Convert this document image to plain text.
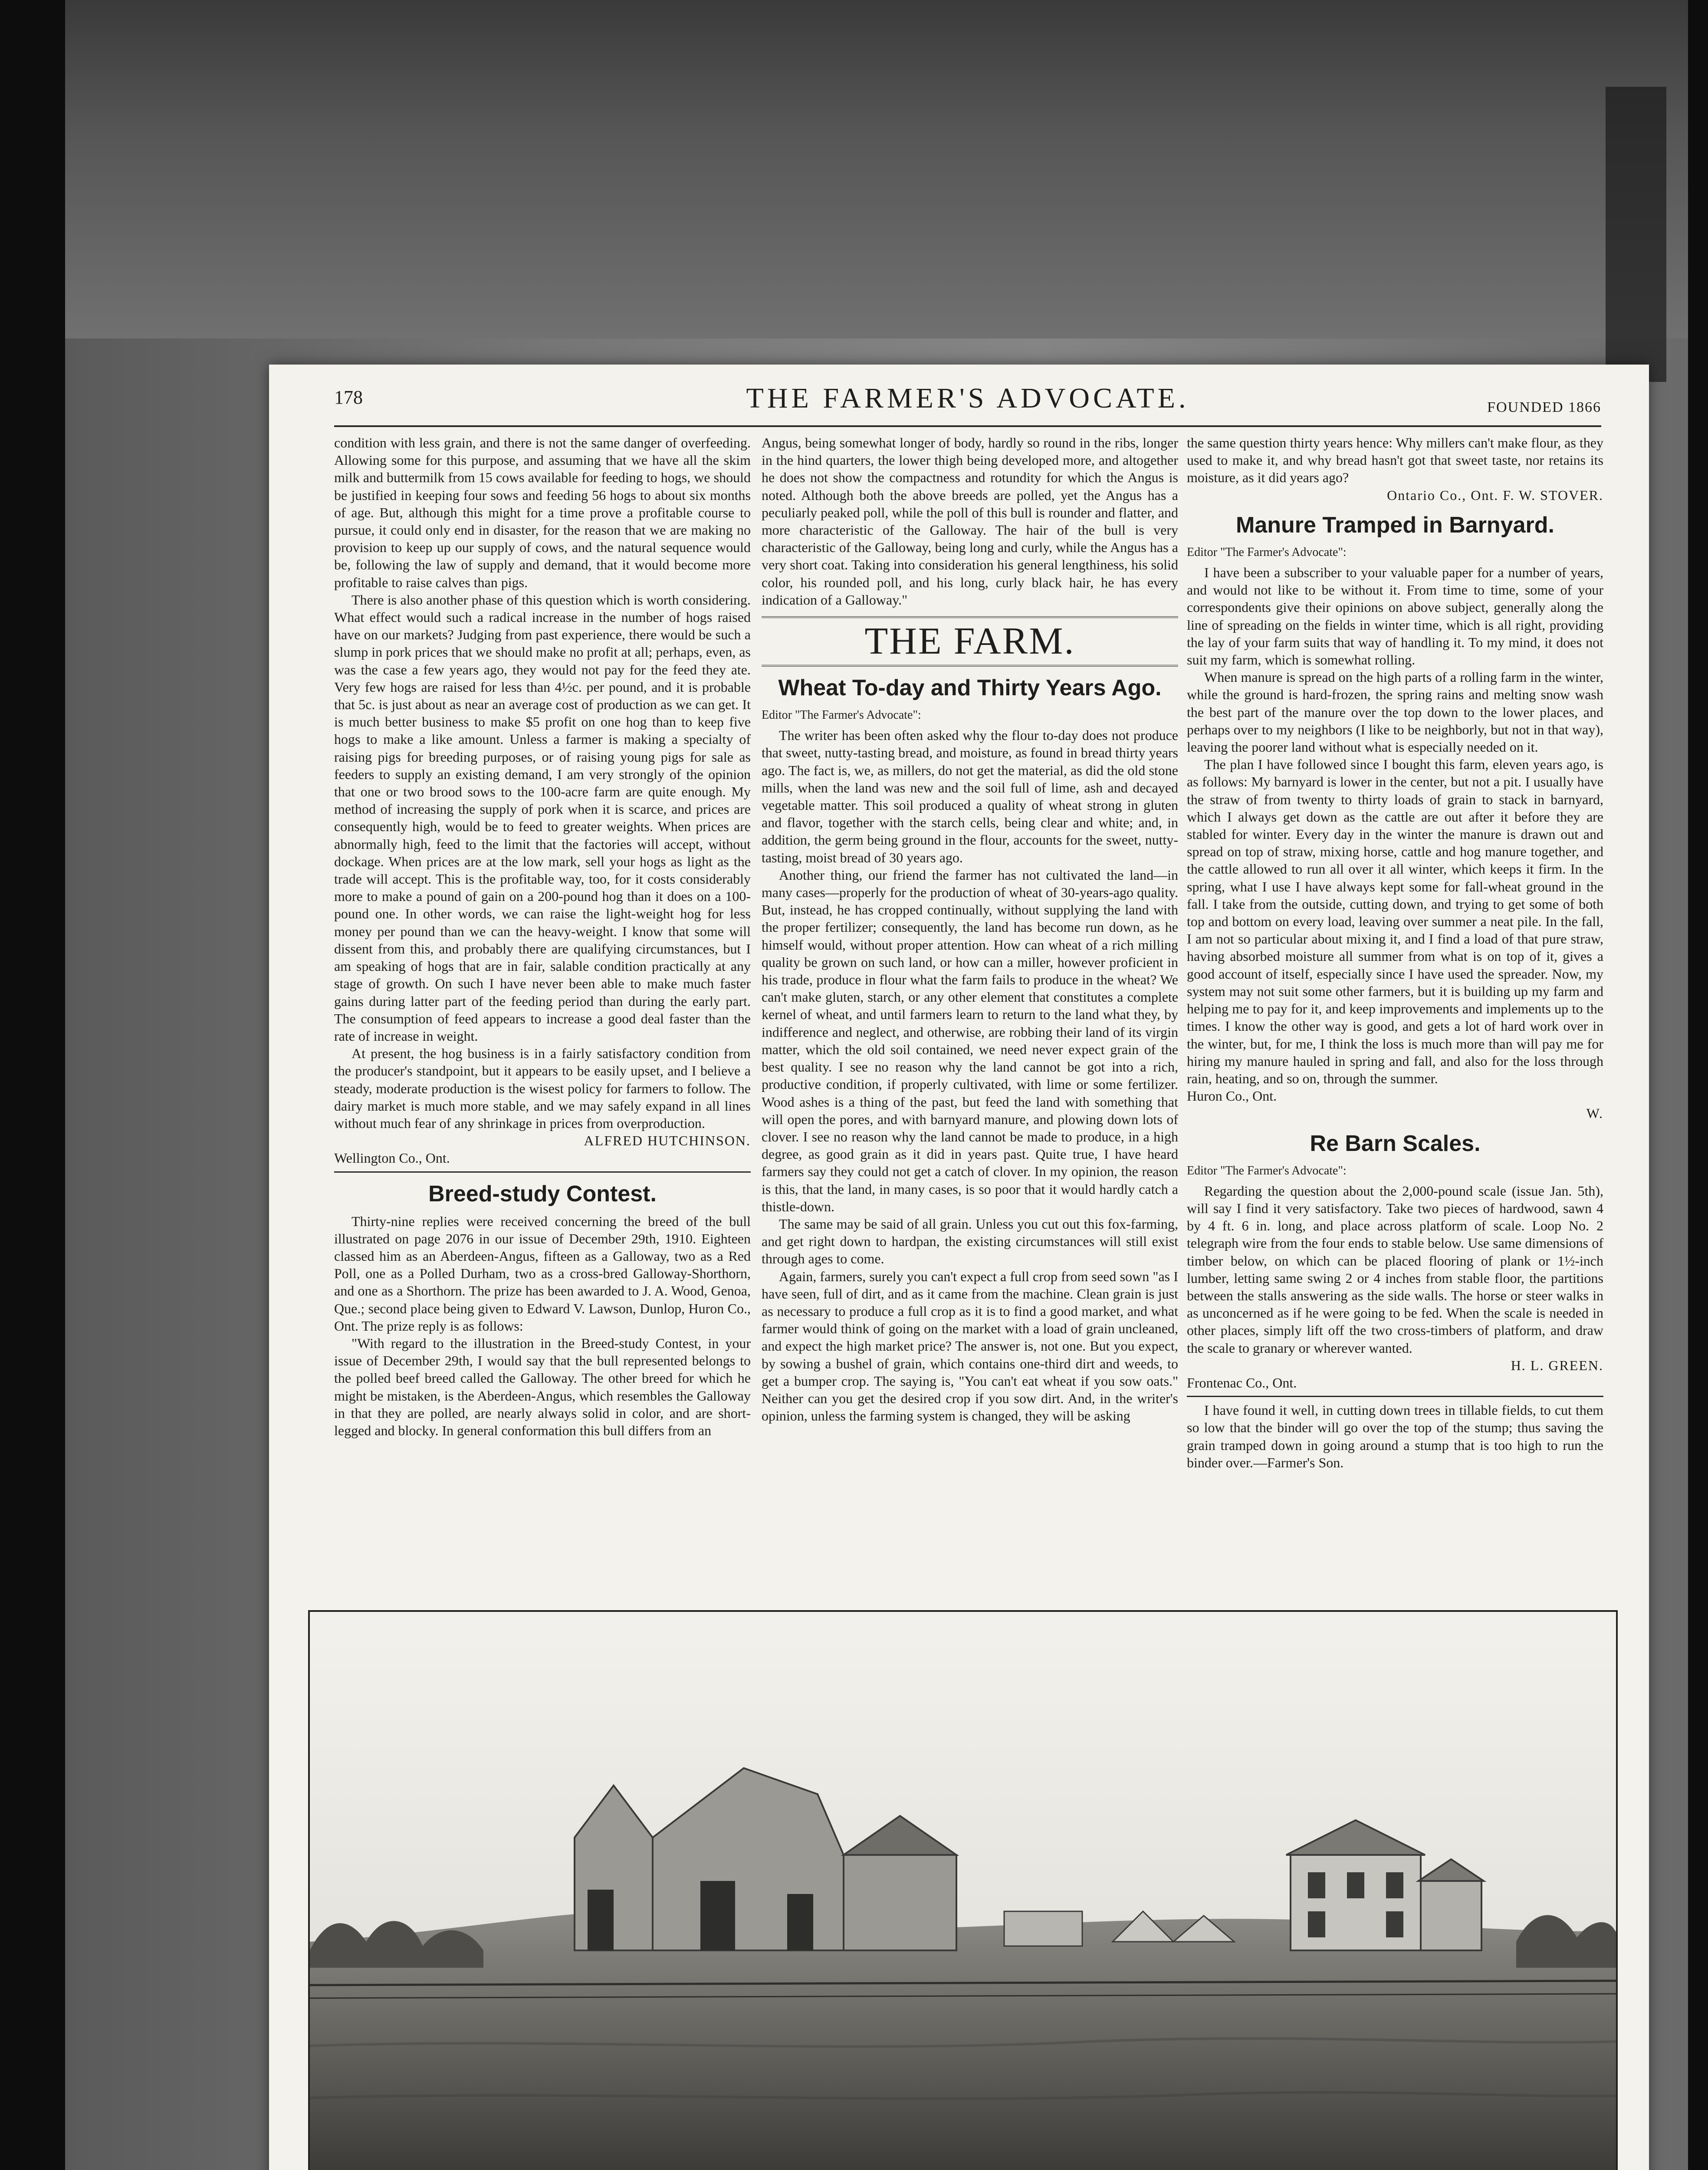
178	THE FARMER'S ADVOCATE.	FOUNDED 1866

condition with less grain, and there is not the same danger of overfeeding. Allowing some for this purpose, and assuming that we have all the skim milk and buttermilk from 15 cows available for feeding to hogs, we should be justified in keeping four sows and feeding 56 hogs to about six months of age. But, although this might for a time prove a profitable course to pursue, it could only end in disaster, for the reason that we are making no provision to keep up our supply of cows, and the natural sequence would be, following the law of supply and demand, that it would become more profitable to raise calves than pigs.

There is also another phase of this question which is worth considering. What effect would such a radical increase in the number of hogs raised have on our markets? Judging from past experience, there would be such a slump in pork prices that we should make no profit at all; perhaps, even, as was the case a few years ago, they would not pay for the feed they ate. Very few hogs are raised for less than 4½c. per pound, and it is probable that 5c. is just about as near an average cost of production as we can get. It is much better business to make $5 profit on one hog than to keep five hogs to make a like amount. Unless a farmer is making a specialty of raising pigs for breeding purposes, or of raising young pigs for sale as feeders to supply an existing demand, I am very strongly of the opinion that one or two brood sows to the 100-acre farm are quite enough. My method of increasing the supply of pork when it is scarce, and prices are consequently high, would be to feed to greater weights. When prices are abnormally high, feed to the limit that the factories will accept, without dockage. When prices are at the low mark, sell your hogs as light as the trade will accept. This is the profitable way, too, for it costs considerably more to make a pound of gain on a 200-pound hog than it does on a 100-pound one. In other words, we can raise the light-weight hog for less money per pound than we can the heavy-weight. I know that some will dissent from this, and probably there are qualifying circumstances, but I am speaking of hogs that are in fair, salable condition practically at any stage of growth. On such I have never been able to make much faster gains during latter part of the feeding period than during the early part. The consumption of feed appears to increase a good deal faster than the rate of increase in weight.

At present, the hog business is in a fairly satisfactory condition from the producer's standpoint, but it appears to be easily upset, and I believe a steady, moderate production is the wisest policy for farmers to follow. The dairy market is much more stable, and we may safely expand in all lines without much fear of any shrinkage in prices from overproduction.

ALFRED HUTCHINSON.

Wellington Co., Ont.

Breed-study Contest.

Thirty-nine replies were received concerning the breed of the bull illustrated on page 2076 in our issue of December 29th, 1910. Eighteen classed him as an Aberdeen-Angus, fifteen as a Galloway, two as a Red Poll, one as a Polled Durham, two as a cross-bred Galloway-Shorthorn, and one as a Shorthorn. The prize has been awarded to J. A. Wood, Genoa, Que.; second place being given to Edward V. Lawson, Dunlop, Huron Co., Ont. The prize reply is as follows:

"With regard to the illustration in the Breed-study Contest, in your issue of December 29th, I would say that the bull represented belongs to the polled beef breed called the Galloway. The other breed for which he might be mistaken, is the Aberdeen-Angus, which resembles the Galloway in that they are polled, are nearly always solid in color, and are short-legged and blocky. In general conformation this bull differs from an

Angus, being somewhat longer of body, hardly so round in the ribs, longer in the hind quarters, the lower thigh being developed more, and altogether he does not show the compactness and rotundity for which the Angus is noted. Although both the above breeds are polled, yet the Angus has a peculiarly peaked poll, while the poll of this bull is rounder and flatter, and more characteristic of the Galloway. The hair of the bull is very characteristic of the Galloway, being long and curly, while the Angus has a very short coat. Taking into consideration his general lengthiness, his solid color, his rounded poll, and his long, curly black hair, he has every indication of a Galloway."

THE FARM.
Wheat To-day and Thirty Years Ago.

Editor "The Farmer's Advocate":

The writer has been often asked why the flour to-day does not produce that sweet, nutty-tasting bread, and moisture, as found in bread thirty years ago. The fact is, we, as millers, do not get the material, as did the old stone mills, when the land was new and the soil full of lime, ash and decayed vegetable matter. This soil produced a quality of wheat strong in gluten and flavor, together with the starch cells, being clear and white; and, in addition, the germ being ground in the flour, accounts for the sweet, nutty-tasting, moist bread of 30 years ago.

Another thing, our friend the farmer has not cultivated the land—in many cases—properly for the production of wheat of 30-years-ago quality. But, instead, he has cropped continually, without supplying the land with the proper fertilizer; consequently, the land has become run down, as he himself would, without proper attention. How can wheat of a rich milling quality be grown on such land, or how can a miller, however proficient in his trade, produce in flour what the farm fails to produce in the wheat? We can't make gluten, starch, or any other element that constitutes a complete kernel of wheat, and until farmers learn to return to the land what they, by indifference and neglect, and otherwise, are robbing their land of its virgin matter, which the old soil contained, we need never expect grain of the best quality. I see no reason why the land cannot be got into a rich, productive condition, if properly cultivated, with lime or some fertilizer. Wood ashes is a thing of the past, but feed the land with something that will open the pores, and with barnyard manure, and plowing down lots of clover. I see no reason why the land cannot be made to produce, in a high degree, as good grain as it did in years past. Quite true, I have heard farmers say they could not get a catch of clover. In my opinion, the reason is this, that the land, in many cases, is so poor that it would hardly catch a thistle-down.

The same may be said of all grain. Unless you cut out this fox-farming, and get right down to hardpan, the existing circumstances will still exist through ages to come.

Again, farmers, surely you can't expect a full crop from seed sown "as I have seen, full of dirt, and as it came from the machine. Clean grain is just as necessary to produce a full crop as it is to find a good market, and what farmer would think of going on the market with a load of grain uncleaned, and expect the high market price? The answer is, not one. But you expect, by sowing a bushel of grain, which contains one-third dirt and weeds, to get a bumper crop. The saying is, "You can't eat wheat if you sow oats." Neither can you get the desired crop if you sow dirt. And, in the writer's opinion, unless the farming system is changed, they will be asking

the same question thirty years hence: Why millers can't make flour, as they used to make it, and why bread hasn't got that sweet taste, nor retains its moisture, as it did years ago?

Ontario Co., Ont. F. W. STOVER.

Manure Tramped in Barnyard.

Editor "The Farmer's Advocate":

I have been a subscriber to your valuable paper for a number of years, and would not like to be without it. From time to time, some of your correspondents give their opinions on above subject, generally along the line of spreading on the fields in winter time, which is all right, providing the lay of your farm suits that way of handling it. To my mind, it does not suit my farm, which is somewhat rolling.

When manure is spread on the high parts of a rolling farm in the winter, while the ground is hard-frozen, the spring rains and melting snow wash the best part of the manure over the top down to the lower places, and perhaps over to my neighbors (I like to be neighborly, but not in that way), leaving the poorer land without what is especially needed on it.

The plan I have followed since I bought this farm, eleven years ago, is as follows: My barnyard is lower in the center, but not a pit. I usually have the straw of from twenty to thirty loads of grain to stack in barnyard, which I always get down as the cattle are out after it before they are stabled for winter. Every day in the winter the manure is drawn out and spread on top of straw, mixing horse, cattle and hog manure together, and the cattle allowed to run all over it all winter, which keeps it firm. In the spring, what I use I have always kept some for fall-wheat ground in the fall. I take from the outside, cutting down, and trying to get some of both top and bottom on every load, leaving over summer a neat pile. In the fall, I am not so particular about mixing it, and I find a load of that pure straw, having absorbed moisture all summer from what is on top of it, gives a good account of itself, especially since I have used the spreader. Now, my system may not suit some other farmers, but it is building up my farm and helping me to pay for it, and keep improvements and implements up to the times. I know the other way is good, and gets a lot of hard work over in the winter, but, for me, I think the loss is much more than will pay me for hiring my manure hauled in spring and fall, and also for the loss through rain, heating, and so on, through the summer.

Huron Co., Ont.

W.

Re Barn Scales.

Editor "The Farmer's Advocate":

Regarding the question about the 2,000-pound scale (issue Jan. 5th), will say I find it very satisfactory. Take two pieces of hardwood, sawn 4 by 4 ft. 6 in. long, and place across platform of scale. Loop No. 2 telegraph wire from the four ends to stable below. Use same dimensions of timber below, on which can be placed flooring of plank or 1½-inch lumber, letting same swing 2 or 4 inches from stable floor, the partitions between the stalls answering as the side walls. The horse or steer walks in as unconcerned as if he were going to be fed. When the scale is needed in other places, simply lift off the two cross-timbers of platform, and draw the scale to granary or wherever wanted.

H. L. GREEN.

Frontenac Co., Ont.

I have found it well, in cutting down trees in tillable fields, to cut them so low that the binder will go over the top of the stump; thus saving the grain tramped down in going around a stump that is too high to run the binder over.—Farmer's Son.
